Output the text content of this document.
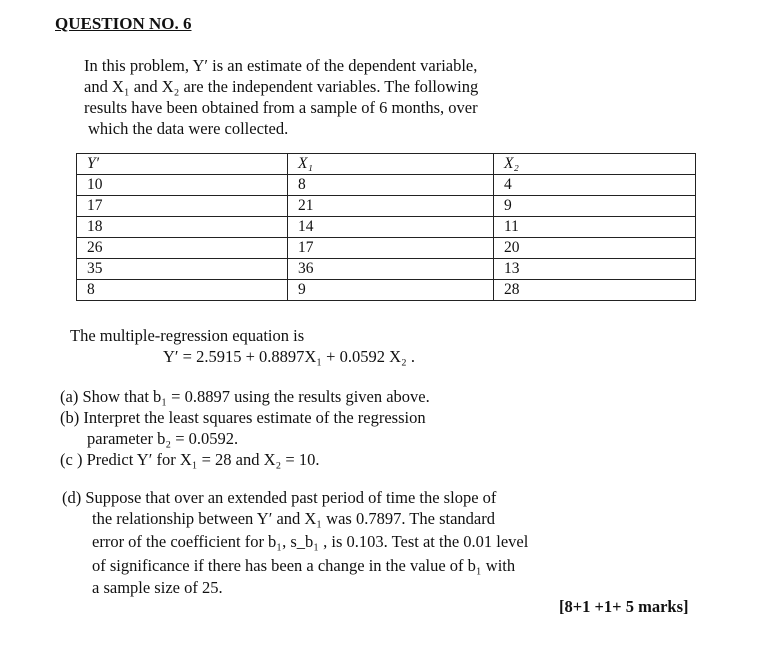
QUESTION NO. 6
In this problem, Y′ is an estimate of the dependent variable,
and X₁ and X₂ are the independent variables. The following
results have been obtained from a sample of 6 months, over
which the data were collected.
Y′	X₁	X₂
10	8	4
17	21	9
18	14	11
26	17	20
35	36	13
8	9	28
The multiple-regression equation is
Y′ = 2.5915 + 0.8897X₁ + 0.0592 X₂ .
(a) Show that b₁ = 0.8897 using the results given above.
(b) Interpret the least squares estimate of the regression
parameter b₂ = 0.0592.
(c ) Predict Y′ for X₁ = 28 and X₂ = 10.
(d) Suppose that over an extended past period of time the slope of
the relationship between Y′ and X₁ was 0.7897. The standard
error of the coefficient for b₁, s_b₁ , is 0.103. Test at the 0.01 level
of significance if there has been a change in the value of b₁ with
a sample size of 25.
[8+1 +1+ 5 marks]
